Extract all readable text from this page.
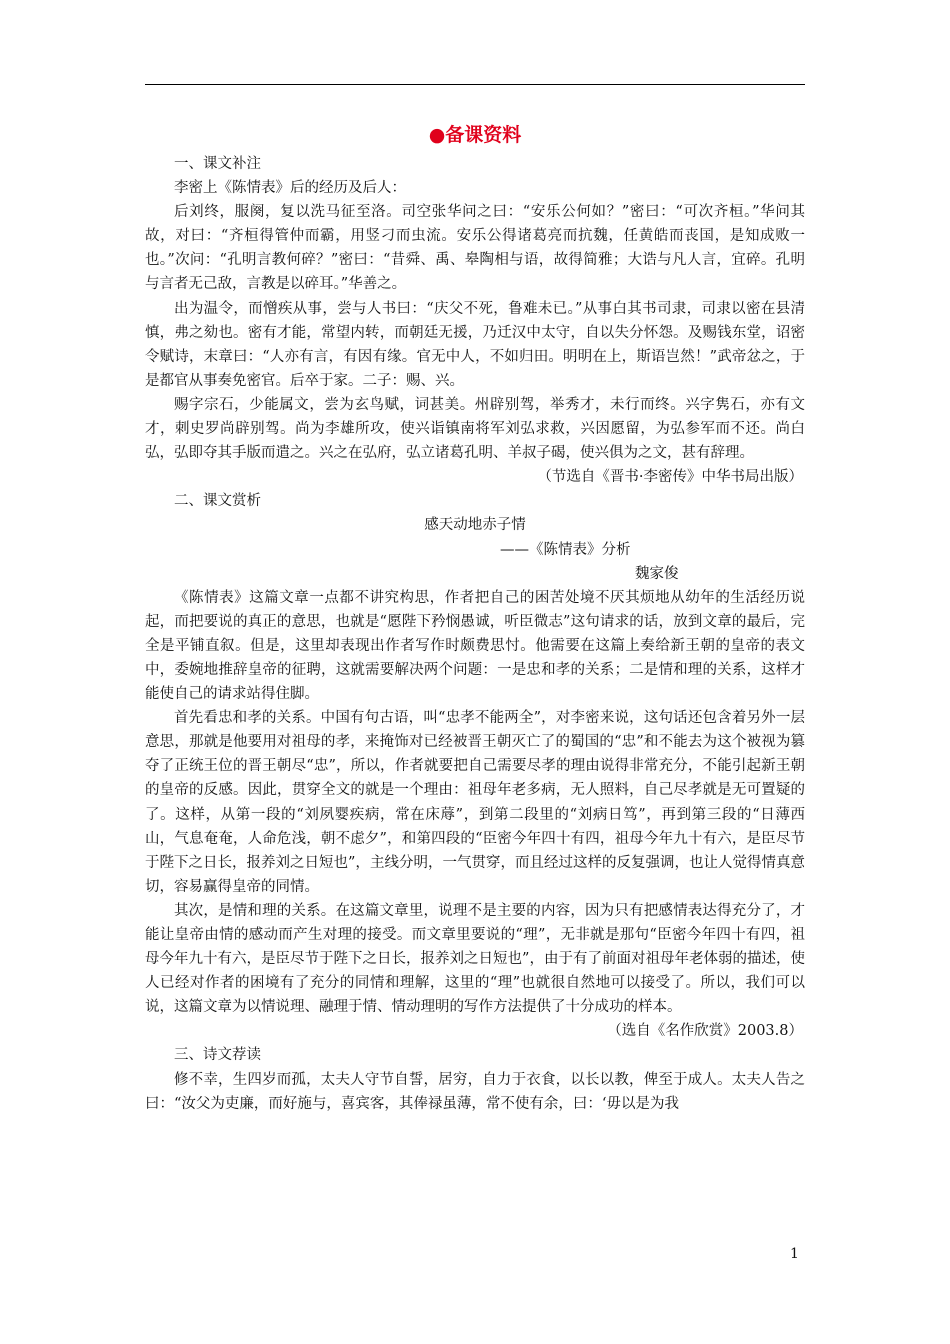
●备课资料

一、课文补注

李密上《陈情表》后的经历及后人：

后刘终，服阕，复以洗马征至洛。司空张华问之曰：“安乐公何如？”密曰：“可次齐桓。”华问其故，对曰：“齐桓得管仲而霸，用竖刁而虫流。安乐公得诸葛亮而抗魏，任黄皓而丧国，是知成败一也。”次问：“孔明言教何碎？”密曰：“昔舜、禹、皋陶相与语，故得简雅；大诰与凡人言，宜碎。孔明与言者无己敌，言教是以碎耳。”华善之。

出为温令，而憎疾从事，尝与人书曰：“庆父不死，鲁难未已。”从事白其书司隶，司隶以密在县清慎，弗之劾也。密有才能，常望内转，而朝廷无援，乃迁汉中太守，自以失分怀怨。及赐钱东堂，诏密令赋诗，末章曰：“人亦有言，有因有缘。官无中人，不如归田。明明在上，斯语岂然！”武帝忿之，于是都官从事奏免密官。后卒于家。二子：赐、兴。

赐字宗石，少能属文，尝为玄鸟赋，词甚美。州辟别驾，举秀才，未行而终。兴字隽石，亦有文才，刺史罗尚辟别驾。尚为李雄所攻，使兴诣镇南将军刘弘求救，兴因愿留，为弘参军而不还。尚白弘，弘即夺其手版而遣之。兴之在弘府，弘立诸葛孔明、羊叔子碣，使兴俱为之文，甚有辞理。

（节选自《晋书·李密传》中华书局出版）

二、课文赏析

感天动地赤子情

——《陈情表》分析

魏家俊

《陈情表》这篇文章一点都不讲究构思，作者把自己的困苦处境不厌其烦地从幼年的生活经历说起，而把要说的真正的意思，也就是“愿陛下矜悯愚诚，听臣微志”这句请求的话，放到文章的最后，完全是平铺直叙。但是，这里却表现出作者写作时颇费思忖。他需要在这篇上奏给新王朝的皇帝的表文中，委婉地推辞皇帝的征聘，这就需要解决两个问题：一是忠和孝的关系；二是情和理的关系，这样才能使自己的请求站得住脚。

首先看忠和孝的关系。中国有句古语，叫“忠孝不能两全”，对李密来说，这句话还包含着另外一层意思，那就是他要用对祖母的孝，来掩饰对已经被晋王朝灭亡了的蜀国的“忠”和不能去为这个被视为篡夺了正统王位的晋王朝尽“忠”，所以，作者就要把自己需要尽孝的理由说得非常充分，不能引起新王朝的皇帝的反感。因此，贯穿全文的就是一个理由：祖母年老多病，无人照料，自己尽孝就是无可置疑的了。这样，从第一段的“刘夙婴疾病，常在床蓐”，到第二段里的“刘病日笃”，再到第三段的“日薄西山，气息奄奄，人命危浅，朝不虑夕”，和第四段的“臣密今年四十有四，祖母今年九十有六，是臣尽节于陛下之日长，报养刘之日短也”，主线分明，一气贯穿，而且经过这样的反复强调，也让人觉得情真意切，容易赢得皇帝的同情。

其次，是情和理的关系。在这篇文章里，说理不是主要的内容，因为只有把感情表达得充分了，才能让皇帝由情的感动而产生对理的接受。而文章里要说的“理”，无非就是那句“臣密今年四十有四，祖母今年九十有六，是臣尽节于陛下之日长，报养刘之日短也”，由于有了前面对祖母年老体弱的描述，使人已经对作者的困境有了充分的同情和理解，这里的“理”也就很自然地可以接受了。所以，我们可以说，这篇文章为以情说理、融理于情、情动理明的写作方法提供了十分成功的样本。

（选自《名作欣赏》2003.8）

三、诗文荐读

修不幸，生四岁而孤，太夫人守节自誓，居穷，自力于衣食，以长以教，俾至于成人。太夫人告之曰：“汝父为吏廉，而好施与，喜宾客，其俸禄虽薄，常不使有余，曰：‘毋以是为我

1
